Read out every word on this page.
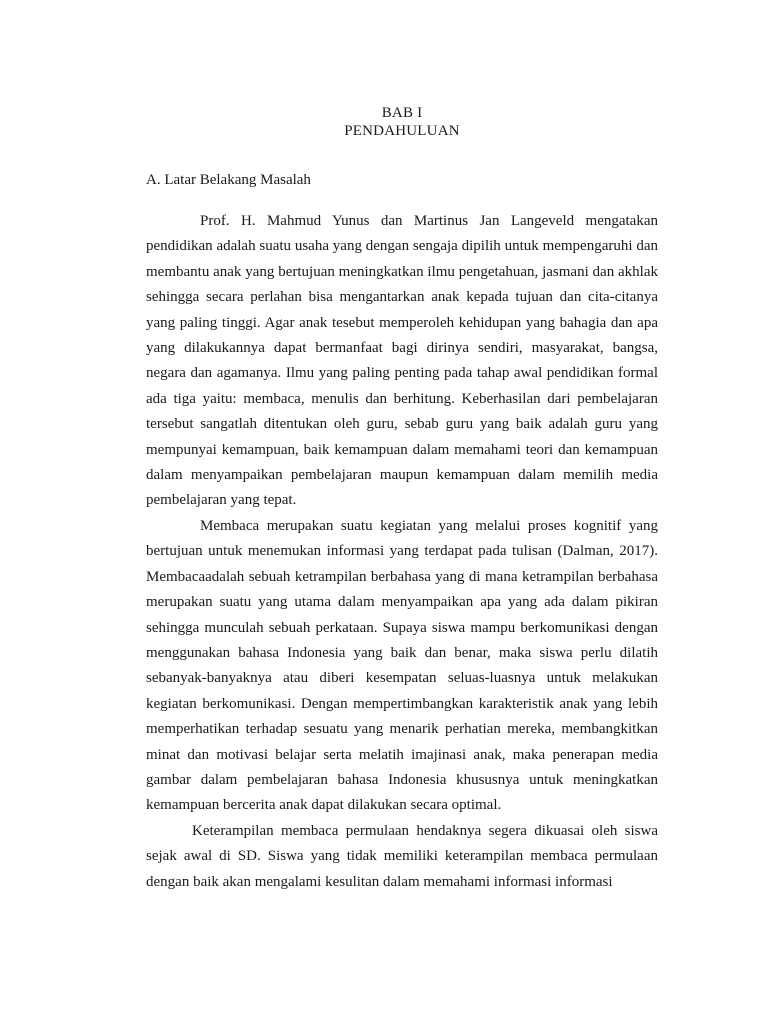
BAB I
PENDAHULUAN
A. Latar Belakang Masalah

Prof. H. Mahmud Yunus dan Martinus Jan Langeveld mengatakan pendidikan adalah suatu usaha yang dengan sengaja dipilih untuk mempengaruhi dan membantu anak yang bertujuan meningkatkan ilmu pengetahuan, jasmani dan akhlak sehingga secara perlahan bisa mengantarkan anak kepada tujuan dan cita-citanya yang paling tinggi. Agar anak tesebut memperoleh kehidupan yang bahagia dan apa yang dilakukannya dapat bermanfaat bagi dirinya sendiri, masyarakat, bangsa, negara dan agamanya. Ilmu yang paling penting pada tahap awal pendidikan formal ada tiga yaitu: membaca, menulis dan berhitung. Keberhasilan dari pembelajaran tersebut sangatlah ditentukan oleh guru, sebab guru yang baik adalah guru yang mempunyai kemampuan, baik kemampuan dalam memahami teori dan kemampuan dalam menyampaikan pembelajaran maupun kemampuan dalam memilih media pembelajaran yang tepat.

Membaca merupakan suatu kegiatan yang melalui proses kognitif yang bertujuan untuk menemukan informasi yang terdapat pada tulisan (Dalman, 2017). Membacaadalah sebuah ketrampilan berbahasa yang di mana ketrampilan berbahasa merupakan suatu yang utama dalam menyampaikan apa yang ada dalam pikiran sehingga munculah sebuah perkataan. Supaya siswa mampu berkomunikasi dengan menggunakan bahasa Indonesia yang baik dan benar, maka siswa perlu dilatih sebanyak-banyaknya atau diberi kesempatan seluas-luasnya untuk melakukan kegiatan berkomunikasi. Dengan mempertimbangkan karakteristik anak yang lebih memperhatikan terhadap sesuatu yang menarik perhatian mereka, membangkitkan minat dan motivasi belajar serta melatih imajinasi anak, maka penerapan media gambar dalam pembelajaran bahasa Indonesia khususnya untuk meningkatkan kemampuan bercerita anak dapat dilakukan secara optimal.

Keterampilan membaca permulaan hendaknya segera dikuasai oleh siswa sejak awal di SD. Siswa yang tidak memiliki keterampilan membaca permulaan dengan baik akan mengalami kesulitan dalam memahami informasi informasi
